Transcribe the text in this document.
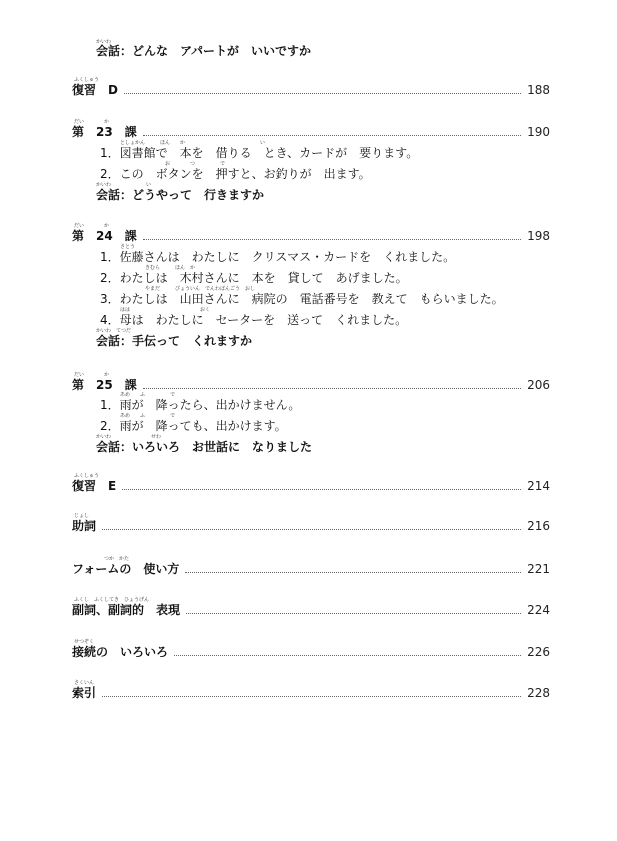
かいわ
会話：どんな　アパートが　いいですか
ふくしゅう
復習　D	188
だい　　　　か
第　23　課	190
としょかん　　　ほん　　か　　　　　　　　　　　　　　　い
1．図書館で　本を　借りる　とき、カードが　要ります。
　　　　　　　　　お　　　　つ　　　　　で
2．この　ボタンを　押すと、お釣りが　出ます。
かいわ　　　　　　　い
会話：どうやって　行きますか
だい　　　　か
第　24　課	198
さとう
1．佐藤さんは　わたしに　クリスマス・カードを　くれました。
　　　　　きむら　　　ほん　か
2．わたしは　木村さんに　本を　貸して　あげました。
　　　　　やまだ　　　びょういん　でんわばんごう　おし
3．わたしは　山田さんに　病院の　電話番号を　教えて　もらいました。
はは　　　　　　　　　　　　　　おく
4．母は　わたしに　セーターを　送って　くれました。
かいわ　てつだ
会話：手伝って　くれますか
だい　　　　か
第　25　課	206
あめ　　ふ　　　　　で
1．雨が　降ったら、出かけません。
あめ　　ふ　　　　　で
2．雨が　降っても、出かけます。
かいわ　　　　　　　　せわ
会話：いろいろ　お世話に　なりました
ふくしゅう
復習　E	214
じょし
助詞	216
　　　　　　つか　かた
フォームの　使い方	221
ふくし　ふくしてき　ひょうげん
副詞、副詞的　表現	224
せつぞく
接続の　いろいろ	226
さくいん
索引	228
